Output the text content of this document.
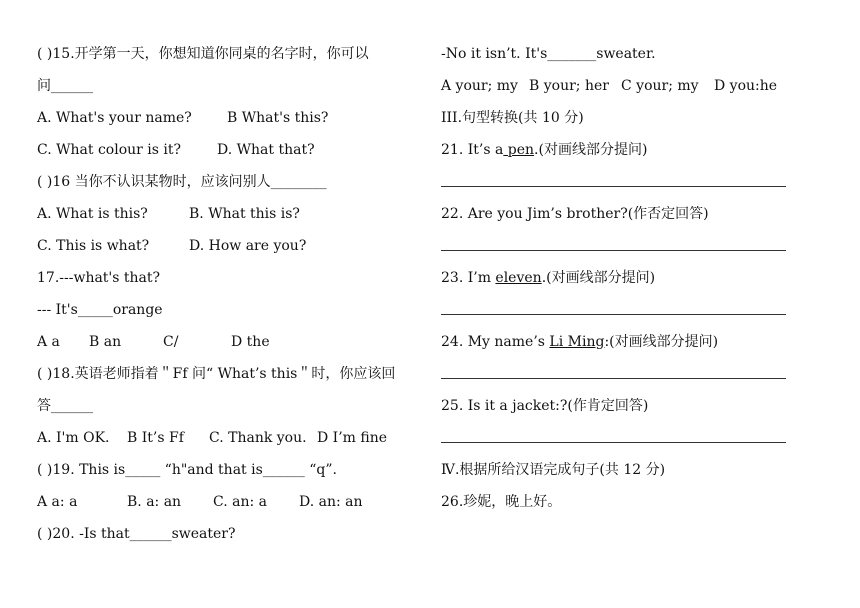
( )15.开学第一天，你想知道你同桌的名字时，你可以
问______
A. What's your name?	B What's this?
C. What colour is it?	D. What that?
( )16 当你不认识某物时，应该问别人________
A. What is this?	B. What this is?
C. This is what?	D. How are you?
17.---what's that?
--- It's_____orange
A a B an	C/	D the
( )18.英语老师指着＂Ff 问“ What’s this＂时，你应该回
答______
A. I'm OK. B It’s Ff C. Thank you. D I’m fine
( )19. This is_____ “h"and that is______ “q”.
A a: a	B. a: an C. an: a D. an: an
( )20. -Is that______sweater?
-No it isn’t. It's_______sweater.
A your; my B your; her C your; my D you:he
III.句型转换(共 10 分)
21. It’s a pen.(对画线部分提问)
22. Are you Jim’s brother?(作否定回答)
23. I’m eleven.(对画线部分提问)
24. My name’s Li Ming:(对画线部分提问)
25. Is it a jacket:?(作肯定回答)
Ⅳ.根据所给汉语完成句子(共 12 分)
26.珍妮，晚上好。
